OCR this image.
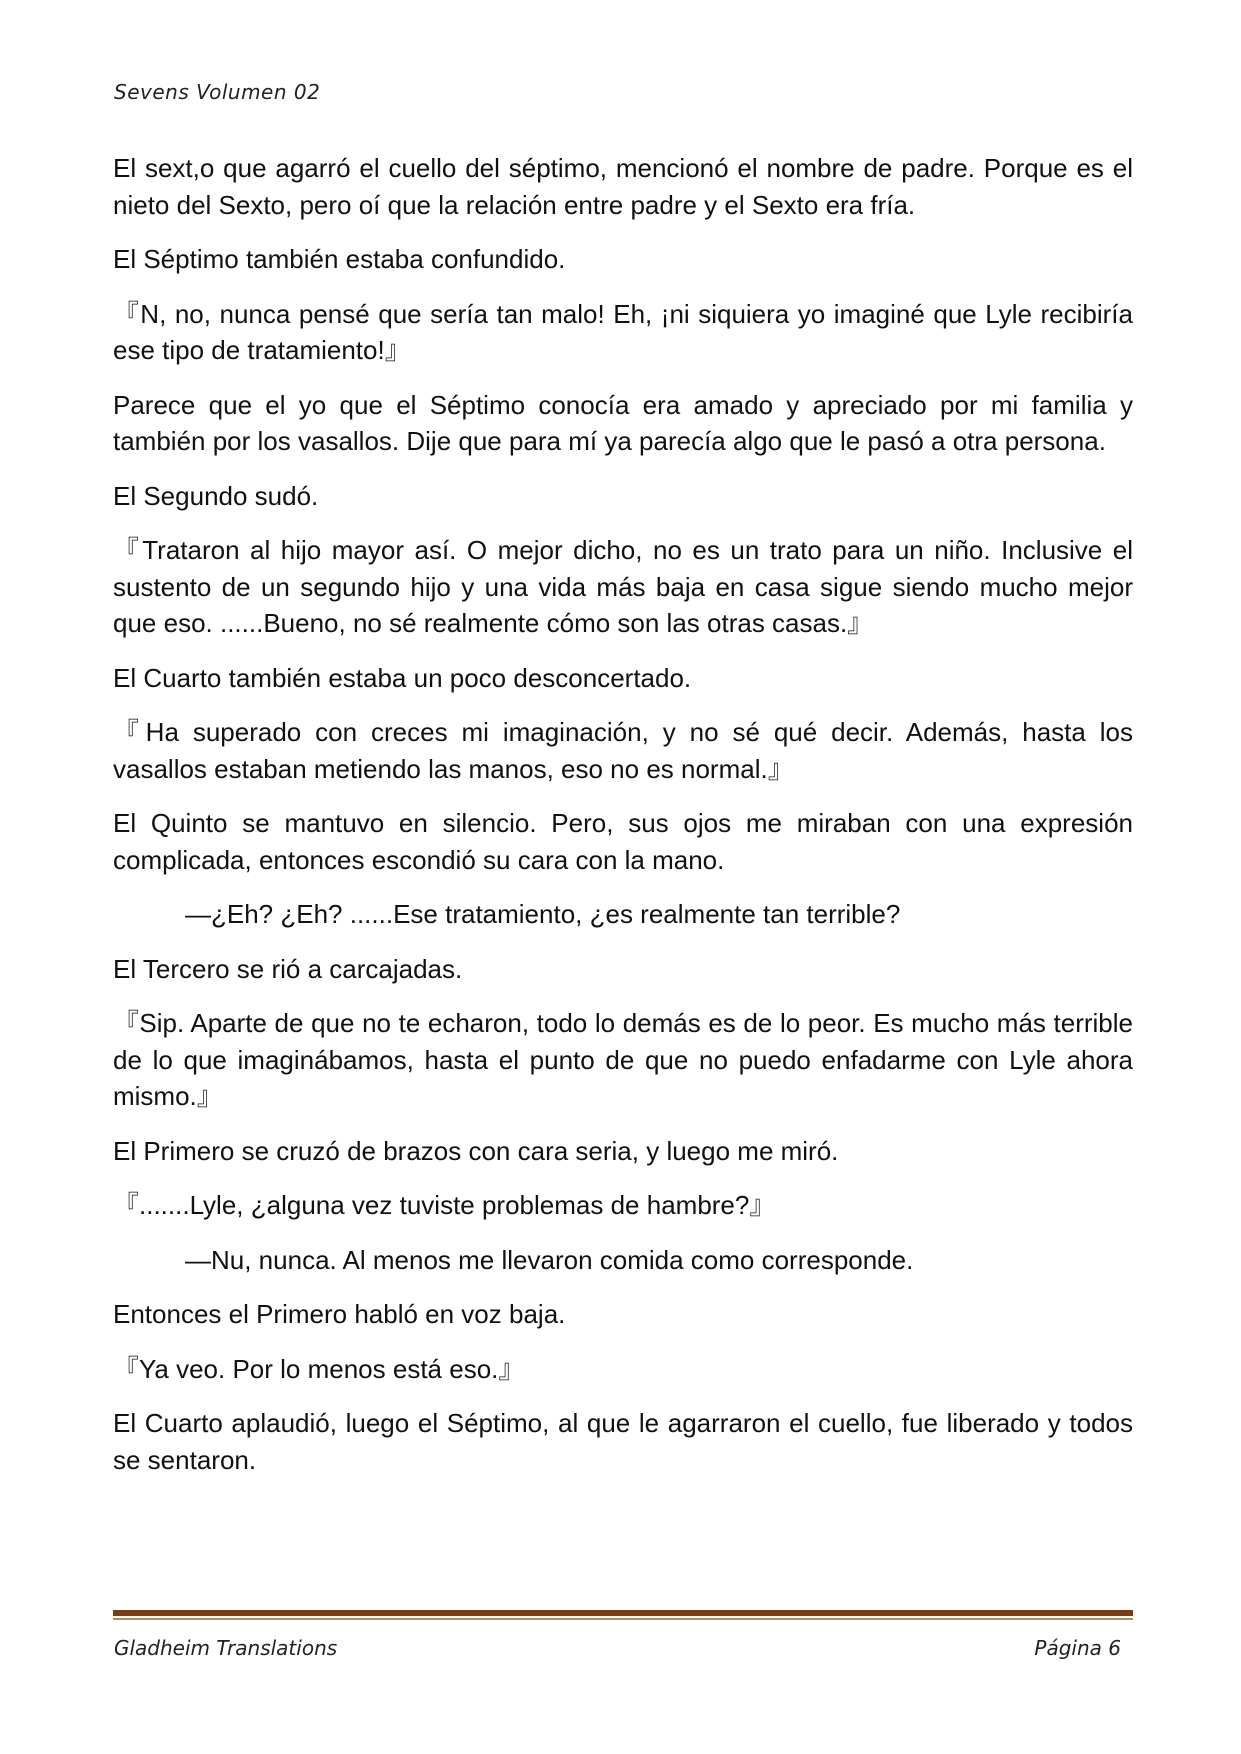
Sevens Volumen 02

El sext,o que agarró el cuello del séptimo, mencionó el nombre de padre. Porque es el nieto del Sexto, pero oí que la relación entre padre y el Sexto era fría.

El Séptimo también estaba confundido.

『N, no, nunca pensé que sería tan malo! Eh, ¡ni siquiera yo imaginé que Lyle recibiría ese tipo de tratamiento!』

Parece que el yo que el Séptimo conocía era amado y apreciado por mi familia y también por los vasallos. Dije que para mí ya parecía algo que le pasó a otra persona.

El Segundo sudó.

『Trataron al hijo mayor así. O mejor dicho, no es un trato para un niño. Inclusive el sustento de un segundo hijo y una vida más baja en casa sigue siendo mucho mejor que eso. ......Bueno, no sé realmente cómo son las otras casas.』

El Cuarto también estaba un poco desconcertado.

『Ha superado con creces mi imaginación, y no sé qué decir. Además, hasta los vasallos estaban metiendo las manos, eso no es normal.』

El Quinto se mantuvo en silencio. Pero, sus ojos me miraban con una expresión complicada, entonces escondió su cara con la mano.

—¿Eh? ¿Eh? ......Ese tratamiento, ¿es realmente tan terrible?

El Tercero se rió a carcajadas.

『Sip. Aparte de que no te echaron, todo lo demás es de lo peor. Es mucho más terrible de lo que imaginábamos, hasta el punto de que no puedo enfadarme con Lyle ahora mismo.』

El Primero se cruzó de brazos con cara seria, y luego me miró.

『.......Lyle, ¿alguna vez tuviste problemas de hambre?』

—Nu, nunca. Al menos me llevaron comida como corresponde.

Entonces el Primero habló en voz baja.

『Ya veo. Por lo menos está eso.』

El Cuarto aplaudió, luego el Séptimo, al que le agarraron el cuello, fue liberado y todos se sentaron.

Gladheim Translations	Página 6
